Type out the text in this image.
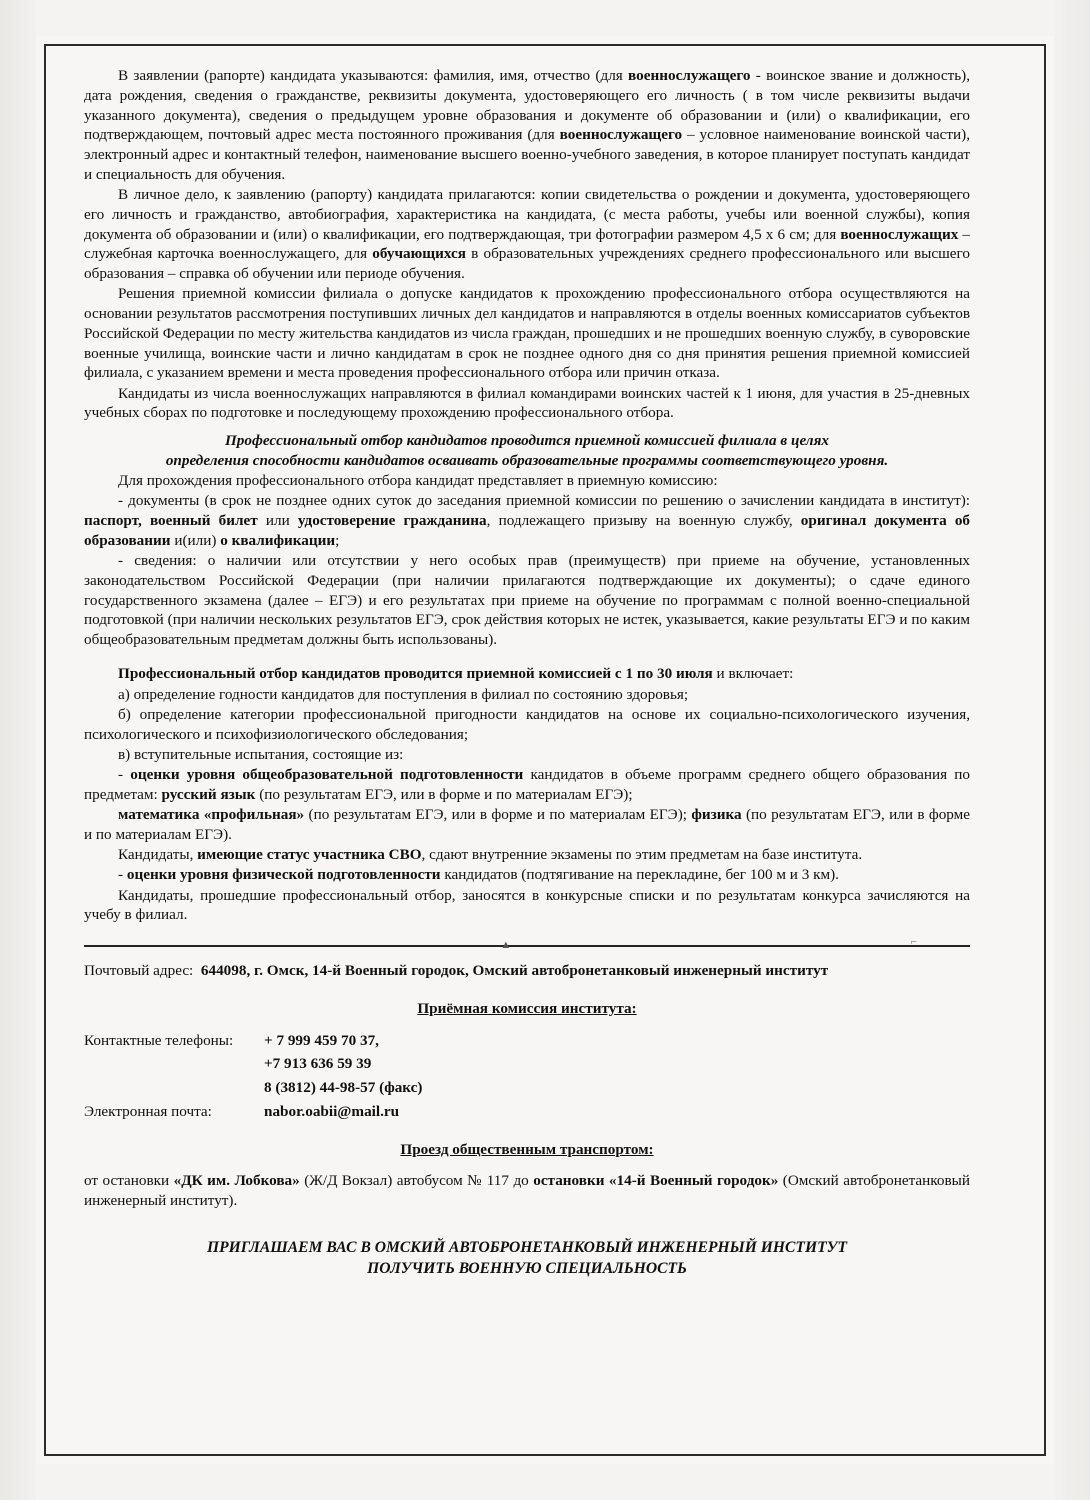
В заявлении (рапорте) кандидата указываются: фамилия, имя, отчество (для военнослужащего - воинское звание и должность), дата рождения, сведения о гражданстве, реквизиты документа, удостоверяющего его личность ( в том числе реквизиты выдачи указанного документа), сведения о предыдущем уровне образования и документе об образовании и (или) о квалификации, его подтверждающем, почтовый адрес места постоянного проживания (для военнослужащего – условное наименование воинской части), электронный адрес и контактный телефон, наименование высшего военно-учебного заведения, в которое планирует поступать кандидат и специальность для обучения.

В личное дело, к заявлению (рапорту) кандидата прилагаются: копии свидетельства о рождении и документа, удостоверяющего его личность и гражданство, автобиография, характеристика на кандидата, (с места работы, учебы или военной службы), копия документа об образовании и (или) о квалификации, его подтверждающая, три фотографии размером 4,5 х 6 см; для военнослужащих – служебная карточка военнослужащего, для обучающихся в образовательных учреждениях среднего профессионального или высшего образования – справка об обучении или периоде обучения.

Решения приемной комиссии филиала о допуске кандидатов к прохождению профессионального отбора осуществляются на основании результатов рассмотрения поступивших личных дел кандидатов и направляются в отделы военных комиссариатов субъектов Российской Федерации по месту жительства кандидатов из числа граждан, прошедших и не прошедших военную службу, в суворовские военные училища, воинские части и лично кандидатам в срок не позднее одного дня со дня принятия решения приемной комиссией филиала, с указанием времени и места проведения профессионального отбора или причин отказа.

Кандидаты из числа военнослужащих направляются в филиал командирами воинских частей к 1 июня, для участия в 25-дневных учебных сборах по подготовке и последующему прохождению профессионального отбора.

Профессиональный отбор кандидатов проводится приемной комиссией филиала в целях

определения способности кандидатов осваивать образовательные программы соответствующего уровня.

Для прохождения профессионального отбора кандидат представляет в приемную комиссию:

- документы (в срок не позднее одних суток до заседания приемной комиссии по решению о зачислении кандидата в институт): паспорт, военный билет или удостоверение гражданина, подлежащего призыву на военную службу, оригинал документа об образовании и(или) о квалификации;

- сведения: о наличии или отсутствии у него особых прав (преимуществ) при приеме на обучение, установленных законодательством Российской Федерации (при наличии прилагаются подтверждающие их документы); о сдаче единого государственного экзамена (далее – ЕГЭ) и его результатах при приеме на обучение по программам с полной военно-специальной подготовкой (при наличии нескольких результатов ЕГЭ, срок действия которых не истек, указывается, какие результаты ЕГЭ и по каким общеобразовательным предметам должны быть использованы).

Профессиональный отбор кандидатов проводится приемной комиссией с 1 по 30 июля и включает:

а) определение годности кандидатов для поступления в филиал по состоянию здоровья;

б) определение категории профессиональной пригодности кандидатов на основе их социально-психологического изучения, психологического и психофизиологического обследования;

в) вступительные испытания, состоящие из:

- оценки уровня общеобразовательной подготовленности кандидатов в объеме программ среднего общего образования по предметам: русский язык (по результатам ЕГЭ, или в форме и по материалам ЕГЭ);

математика «профильная» (по результатам ЕГЭ, или в форме и по материалам ЕГЭ); физика (по результатам ЕГЭ, или в форме и по материалам ЕГЭ).

Кандидаты, имеющие статус участника СВО, сдают внутренние экзамены по этим предметам на базе института.

- оценки уровня физической подготовленности кандидатов (подтягивание на перекладине, бег 100 м и 3 км).

Кандидаты, прошедшие профессиональный отбор, заносятся в конкурсные списки и по результатам конкурса зачисляются на учебу в филиал.

▲	⌐

Почтовый адрес: 644098, г. Омск, 14-й Военный городок, Омский автобронетанковый инженерный институт

Приёмная комиссия института:

Контактные телефоны:	+ 7 999 459 70 37,
+7 913 636 59 39
8 (3812) 44-98-57 (факс)
Электронная почта:	nabor.oabii@mail.ru

Проезд общественным транспортом:

от остановки «ДК им. Лобкова» (Ж/Д Вокзал) автобусом № 117 до остановки «14-й Военный городок» (Омский автобронетанковый инженерный институт).

ПРИГЛАШАЕМ ВАС В ОМСКИЙ АВТОБРОНЕТАНКОВЫЙ ИНЖЕНЕРНЫЙ ИНСТИТУТ
ПОЛУЧИТЬ ВОЕННУЮ СПЕЦИАЛЬНОСТЬ
